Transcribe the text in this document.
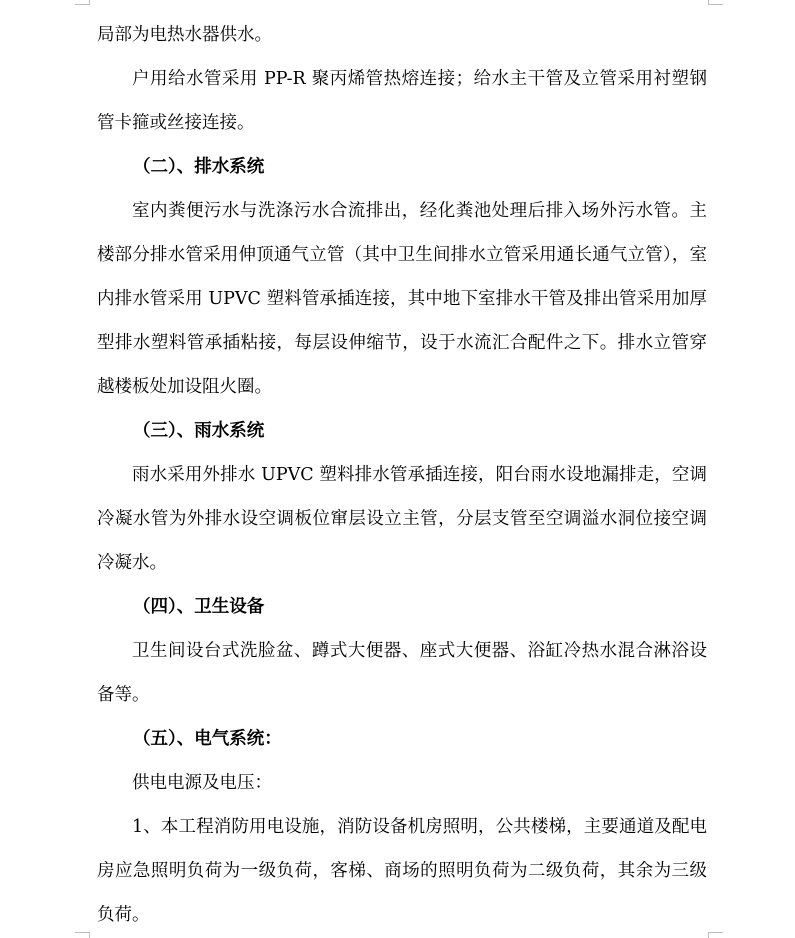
局部为电热水器供水。

户用给水管采用 PP-R 聚丙烯管热熔连接；给水主干管及立管采用衬塑钢管卡箍或丝接连接。

（二）、排水系统

室内粪便污水与洗涤污水合流排出，经化粪池处理后排入场外污水管。主楼部分排水管采用伸顶通气立管（其中卫生间排水立管采用通长通气立管），室内排水管采用 UPVC 塑料管承插连接，其中地下室排水干管及排出管采用加厚型排水塑料管承插粘接，每层设伸缩节，设于水流汇合配件之下。排水立管穿越楼板处加设阻火圈。

（三）、雨水系统

雨水采用外排水 UPVC 塑料排水管承插连接，阳台雨水设地漏排走，空调冷凝水管为外排水设空调板位窜层设立主管，分层支管至空调溢水洞位接空调冷凝水。

（四）、卫生设备

卫生间设台式洗脸盆、蹲式大便器、座式大便器、浴缸冷热水混合淋浴设备等。

（五）、电气系统：

供电电源及电压：

1、本工程消防用电设施，消防设备机房照明，公共楼梯，主要通道及配电房应急照明负荷为一级负荷，客梯、商场的照明负荷为二级负荷，其余为三级负荷。
